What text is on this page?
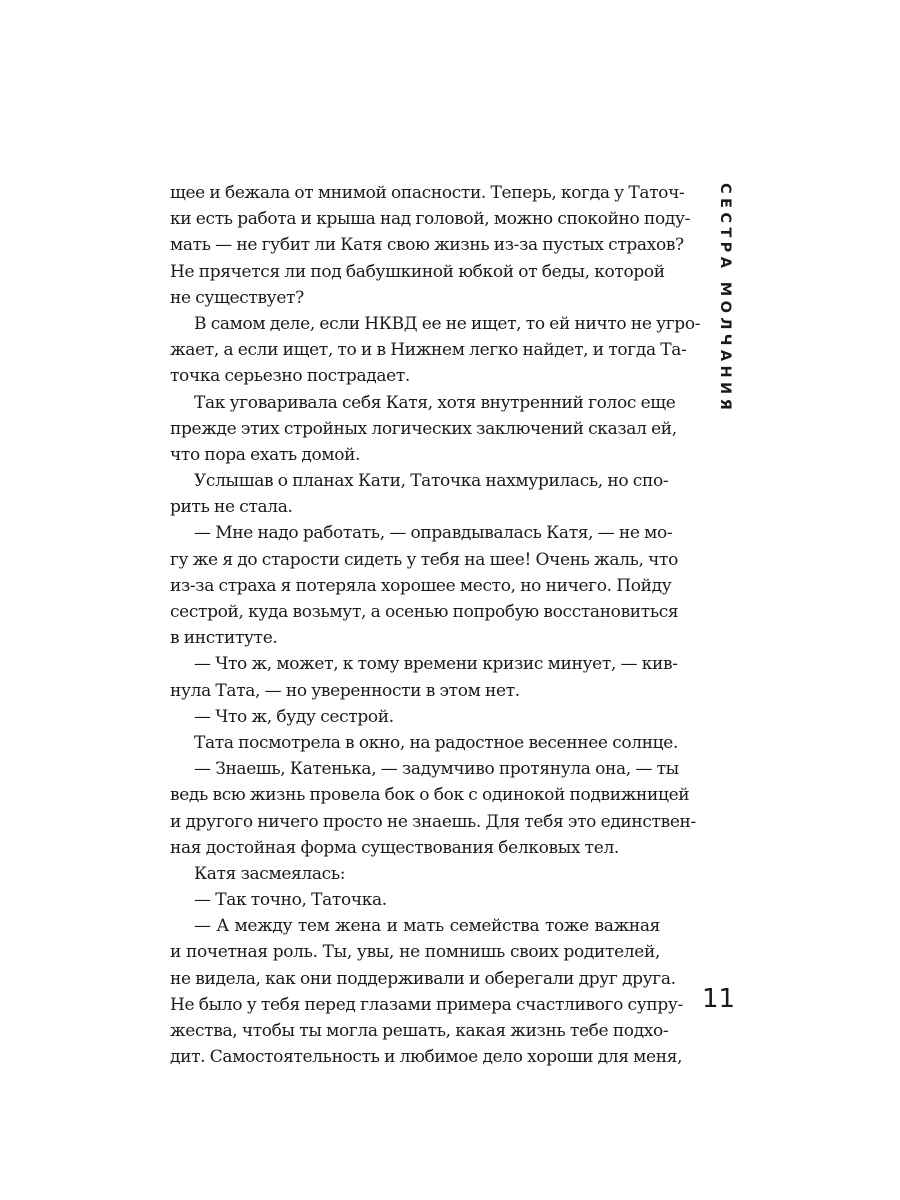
щее и бежала от мнимой опасности. Теперь, когда у Таточ-
ки есть работа и крыша над головой, можно спокойно поду-
мать — не губит ли Катя свою жизнь из-за пустых страхов?
Не прячется ли под бабушкиной юбкой от беды, которой
не существует?
В самом деле, если НКВД ее не ищет, то ей ничто не угро-
жает, а если ищет, то и в Нижнем легко найдет, и тогда Та-
точка серьезно пострадает.
Так уговаривала себя Катя, хотя внутренний голос еще
прежде этих стройных логических заключений сказал ей,
что пора ехать домой.
Услышав о планах Кати, Таточка нахмурилась, но спо-
рить не стала.
— Мне надо работать, — оправдывалась Катя, — не мо-
гу же я до старости сидеть у тебя на шее! Очень жаль, что
из-за страха я потеряла хорошее место, но ничего. Пойду
сестрой, куда возьмут, а осенью попробую восстановиться
в институте.
— Что ж, может, к тому времени кризис минует, — кив-
нула Тата, — но уверенности в этом нет.
— Что ж, буду сестрой.
Тата посмотрела в окно, на радостное весеннее солнце.
— Знаешь, Катенька, — задумчиво протянула она, — ты
ведь всю жизнь провела бок о бок с одинокой подвижницей
и другого ничего просто не знаешь. Для тебя это единствен-
ная достойная форма существования белковых тел.
Катя засмеялась:
— Так точно, Таточка.
— А между тем жена и мать семейства тоже важная
и почетная роль. Ты, увы, не помнишь своих родителей,
не видела, как они поддерживали и оберегали друг друга.
Не было у тебя перед глазами примера счастливого супру-
жества, чтобы ты могла решать, какая жизнь тебе подхо-
дит. Самостоятельность и любимое дело хороши для меня,
СЕСТРА МОЛЧАНИЯ
11
